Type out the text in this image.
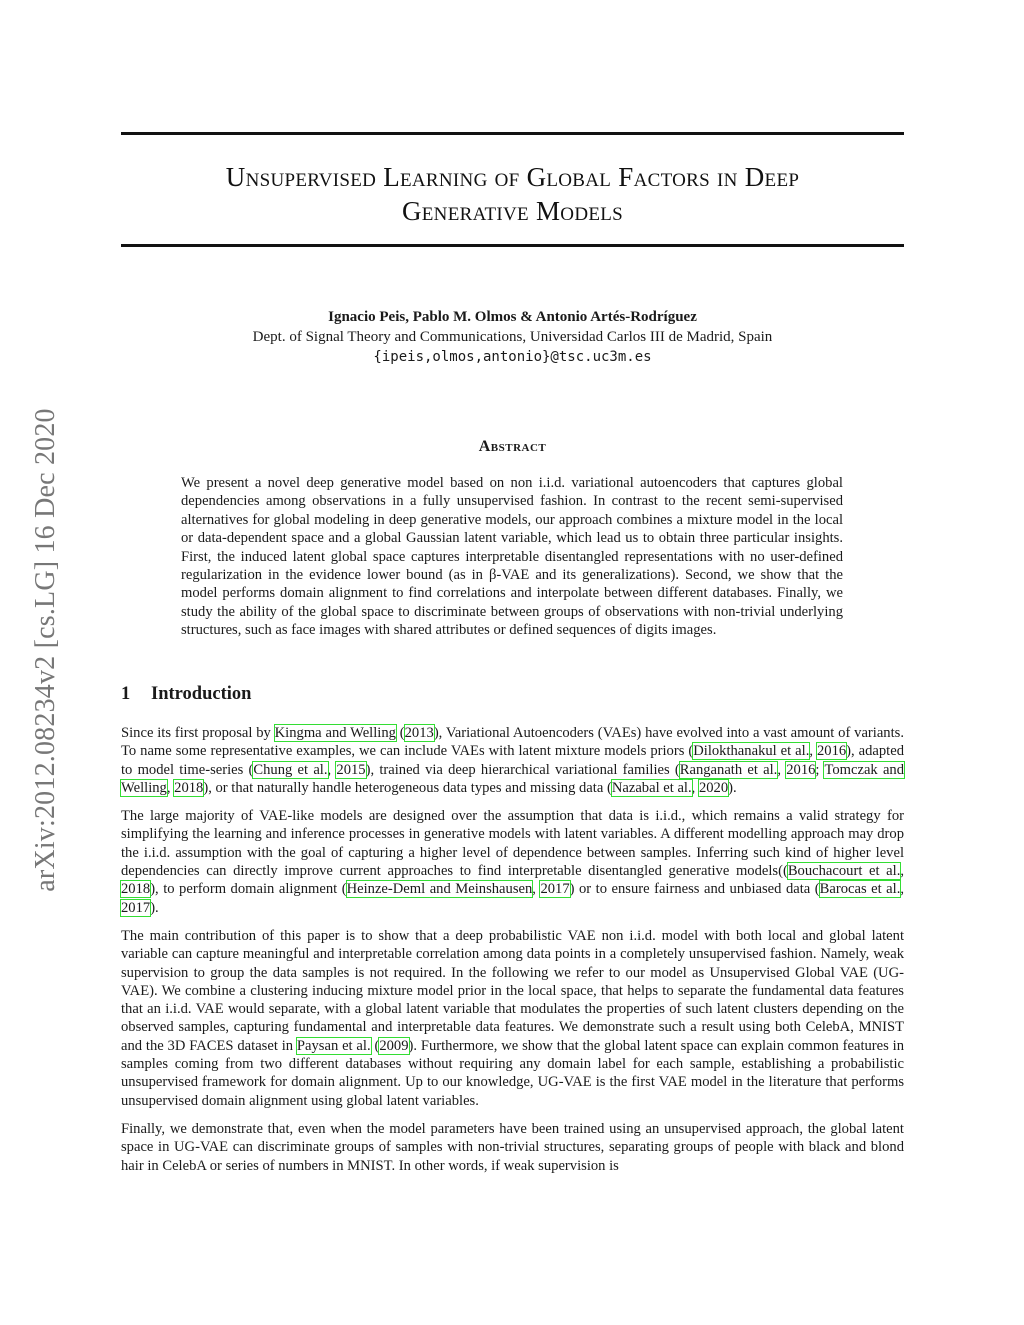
Unsupervised Learning of Global Factors in Deep
Generative Models
arXiv:2012.08234v2 [cs.LG] 16 Dec 2020
Ignacio Peis, Pablo M. Olmos & Antonio Artés-Rodríguez
Dept. of Signal Theory and Communications, Universidad Carlos III de Madrid, Spain
{ipeis,olmos,antonio}@tsc.uc3m.es
Abstract

We present a novel deep generative model based on non i.i.d. variational autoencoders that captures global dependencies among observations in a fully unsupervised fashion. In contrast to the recent semi-supervised alternatives for global modeling in deep generative models, our approach combines a mixture model in the local or data-dependent space and a global Gaussian latent variable, which lead us to obtain three particular insights. First, the induced latent global space captures interpretable disentangled representations with no user-defined regularization in the evidence lower bound (as in β-VAE and its generalizations). Second, we show that the model performs domain alignment to find correlations and interpolate between different databases. Finally, we study the ability of the global space to discriminate between groups of observations with non-trivial underlying structures, such as face images with shared attributes or defined sequences of digits images.

1 Introduction

Since its first proposal by Kingma and Welling (2013), Variational Autoencoders (VAEs) have evolved into a vast amount of variants. To name some representative examples, we can include VAEs with latent mixture models priors (Dilokthanakul et al., 2016), adapted to model time-series (Chung et al., 2015), trained via deep hierarchical variational families (Ranganath et al., 2016; Tomczak and Welling, 2018), or that naturally handle heterogeneous data types and missing data (Nazabal et al., 2020).

The large majority of VAE-like models are designed over the assumption that data is i.i.d., which remains a valid strategy for simplifying the learning and inference processes in generative models with latent variables. A different modelling approach may drop the i.i.d. assumption with the goal of capturing a higher level of dependence between samples. Inferring such kind of higher level dependencies can directly improve current approaches to find interpretable disentangled generative models((Bouchacourt et al., 2018), to perform domain alignment (Heinze-Deml and Meinshausen, 2017) or to ensure fairness and unbiased data (Barocas et al., 2017).

The main contribution of this paper is to show that a deep probabilistic VAE non i.i.d. model with both local and global latent variable can capture meaningful and interpretable correlation among data points in a completely unsupervised fashion. Namely, weak supervision to group the data samples is not required. In the following we refer to our model as Unsupervised Global VAE (UG-VAE). We combine a clustering inducing mixture model prior in the local space, that helps to separate the fundamental data features that an i.i.d. VAE would separate, with a global latent variable that modulates the properties of such latent clusters depending on the observed samples, capturing fundamental and interpretable data features. We demonstrate such a result using both CelebA, MNIST and the 3D FACES dataset in Paysan et al. (2009). Furthermore, we show that the global latent space can explain common features in samples coming from two different databases without requiring any domain label for each sample, establishing a probabilistic unsupervised framework for domain alignment. Up to our knowledge, UG-VAE is the first VAE model in the literature that performs unsupervised domain alignment using global latent variables.

Finally, we demonstrate that, even when the model parameters have been trained using an unsupervised approach, the global latent space in UG-VAE can discriminate groups of samples with non-trivial structures, separating groups of people with black and blond hair in CelebA or series of numbers in MNIST. In other words, if weak supervision is
